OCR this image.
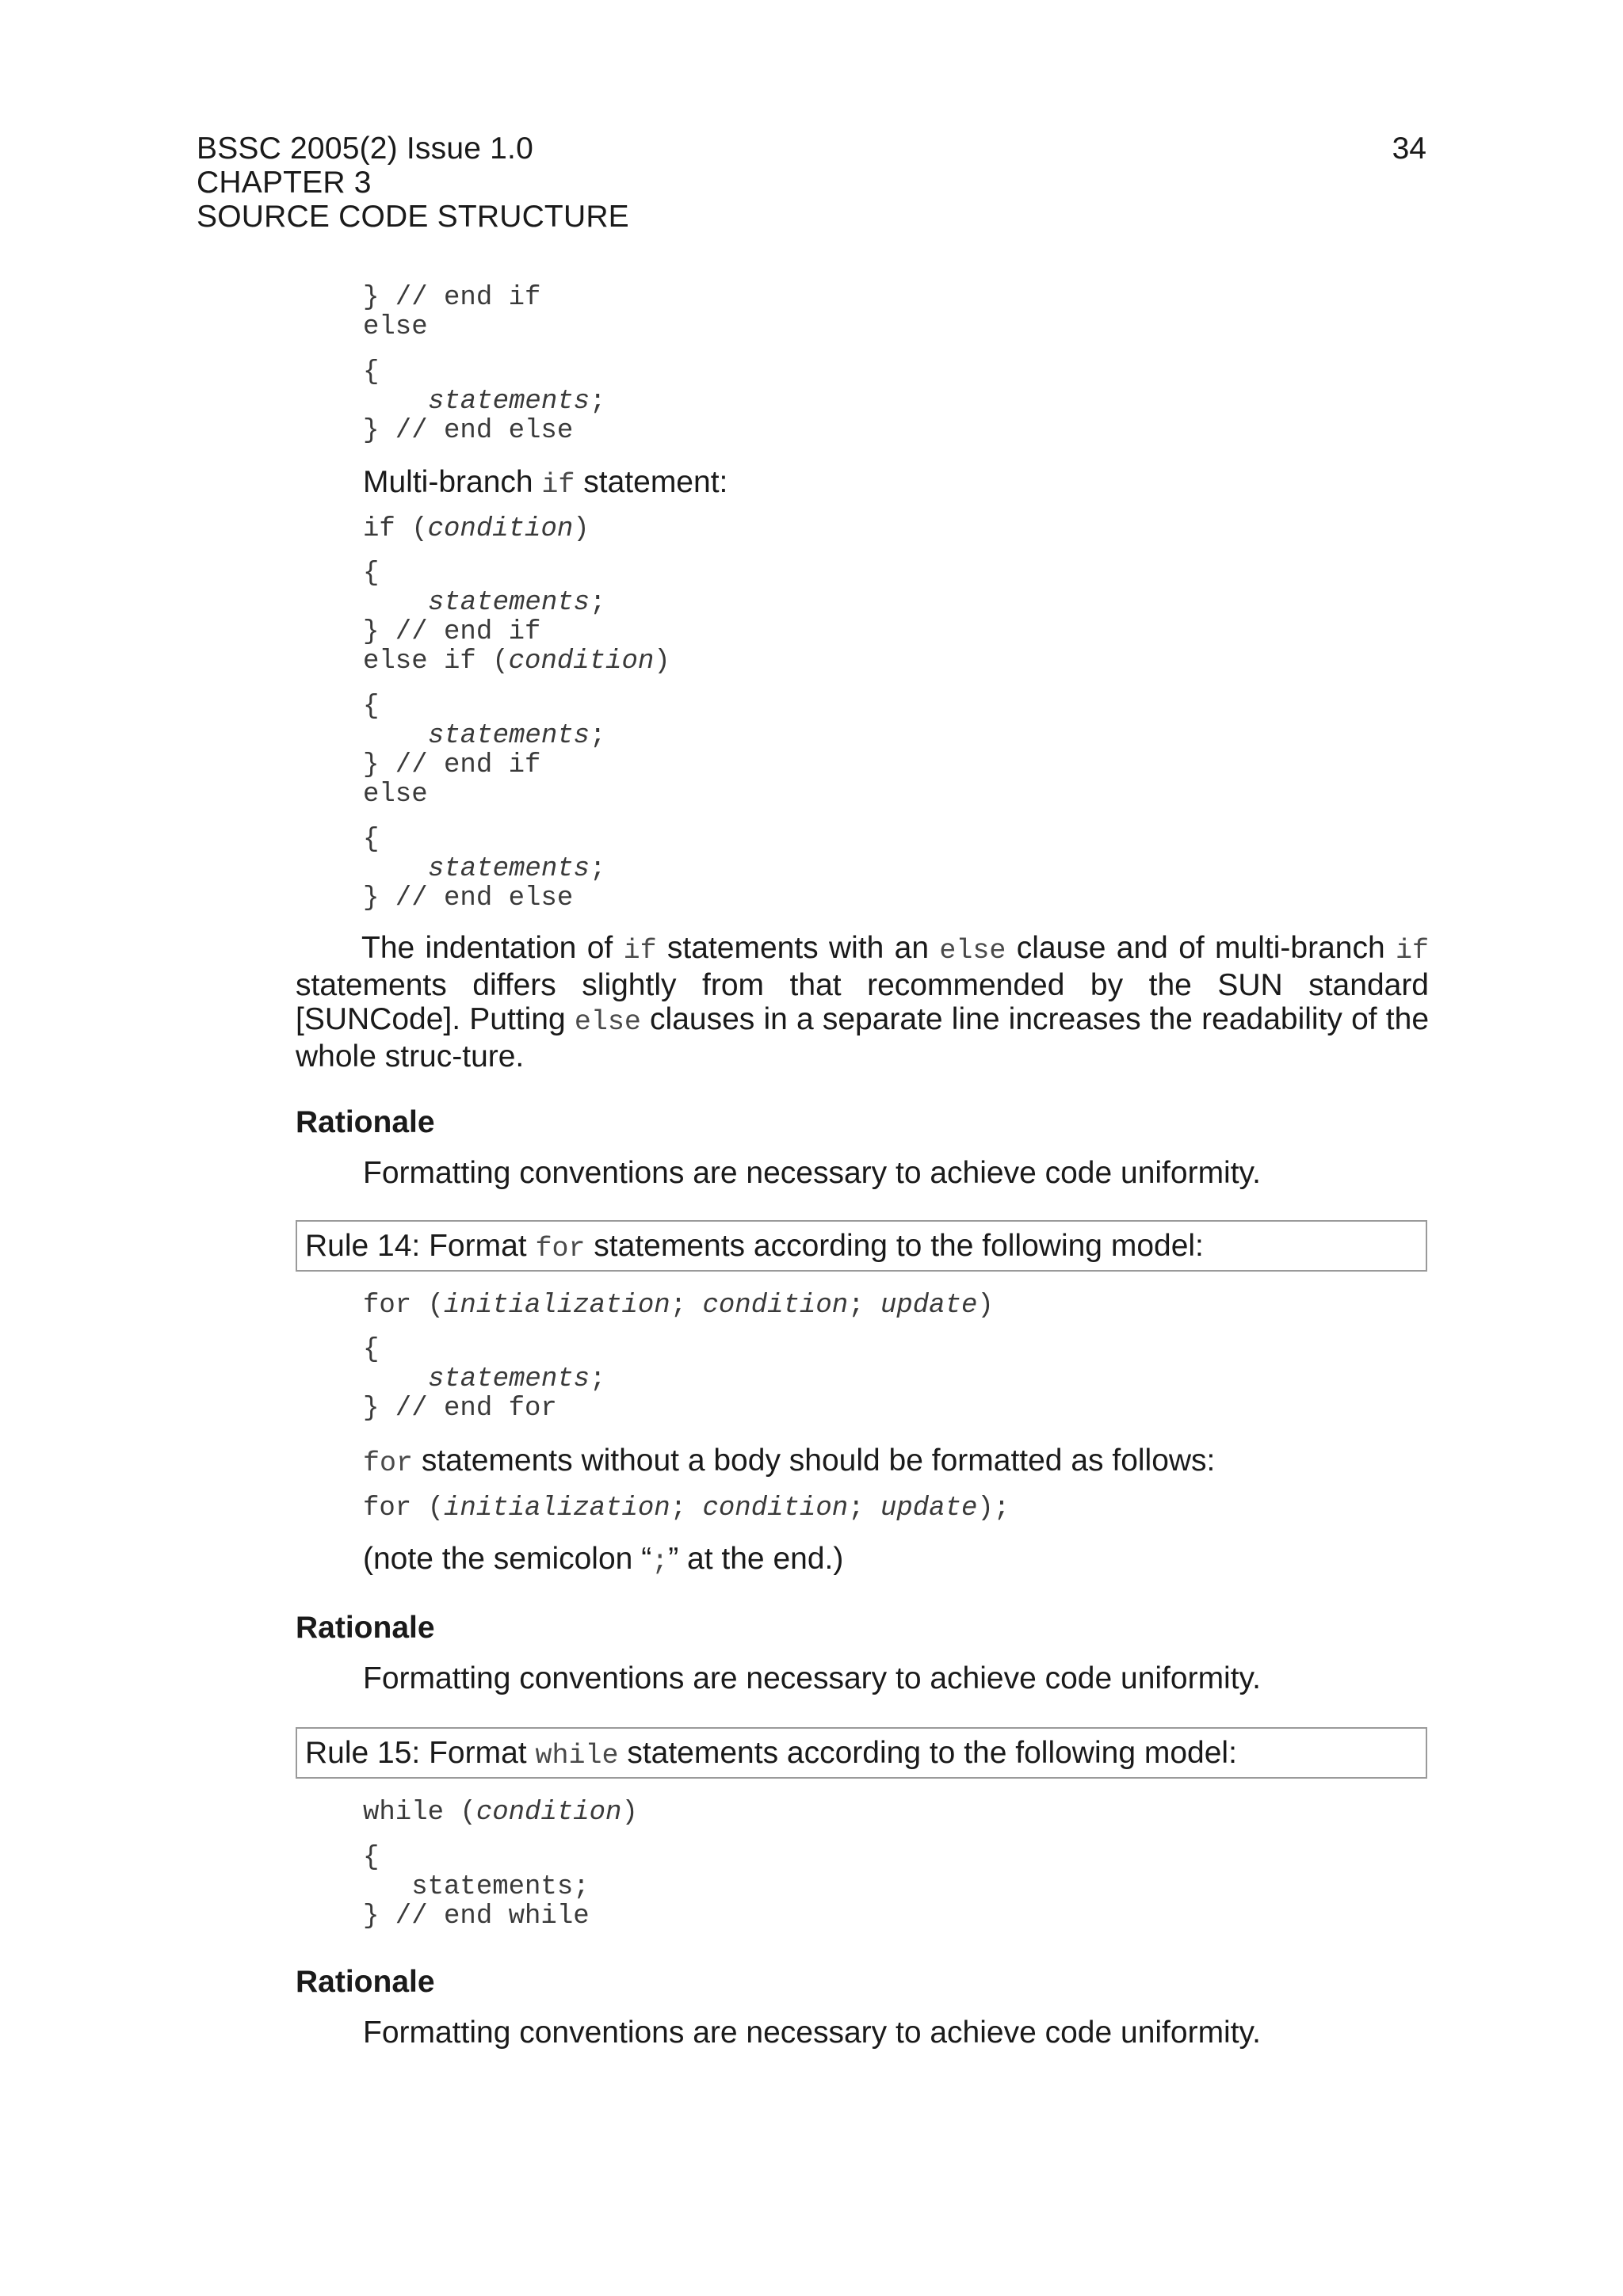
BSSC 2005(2) Issue 1.0	34
CHAPTER 3
SOURCE CODE STRUCTURE
} // end if
else
{
statements;
} // end else
Multi-branch if statement:
if (condition)
{
statements;
} // end if
else if (condition)
{
statements;
} // end if
else
{
statements;
} // end else
The indentation of if statements with an else clause and of multi-branch if statements differs slightly from that recommended by the SUN standard [SUNCode]. Putting else clauses in a separate line increases the readability of the whole struc-ture.
Rationale
Formatting conventions are necessary to achieve code uniformity.
Rule 14: Format for statements according to the following model:
for (initialization; condition; update)
{
statements;
} // end for
for statements without a body should be formatted as follows:
for (initialization; condition; update);
(note the semicolon “;” at the end.)
Rationale
Formatting conventions are necessary to achieve code uniformity.
Rule 15: Format while statements according to the following model:
while (condition)
{
statements;
} // end while
Rationale
Formatting conventions are necessary to achieve code uniformity.
